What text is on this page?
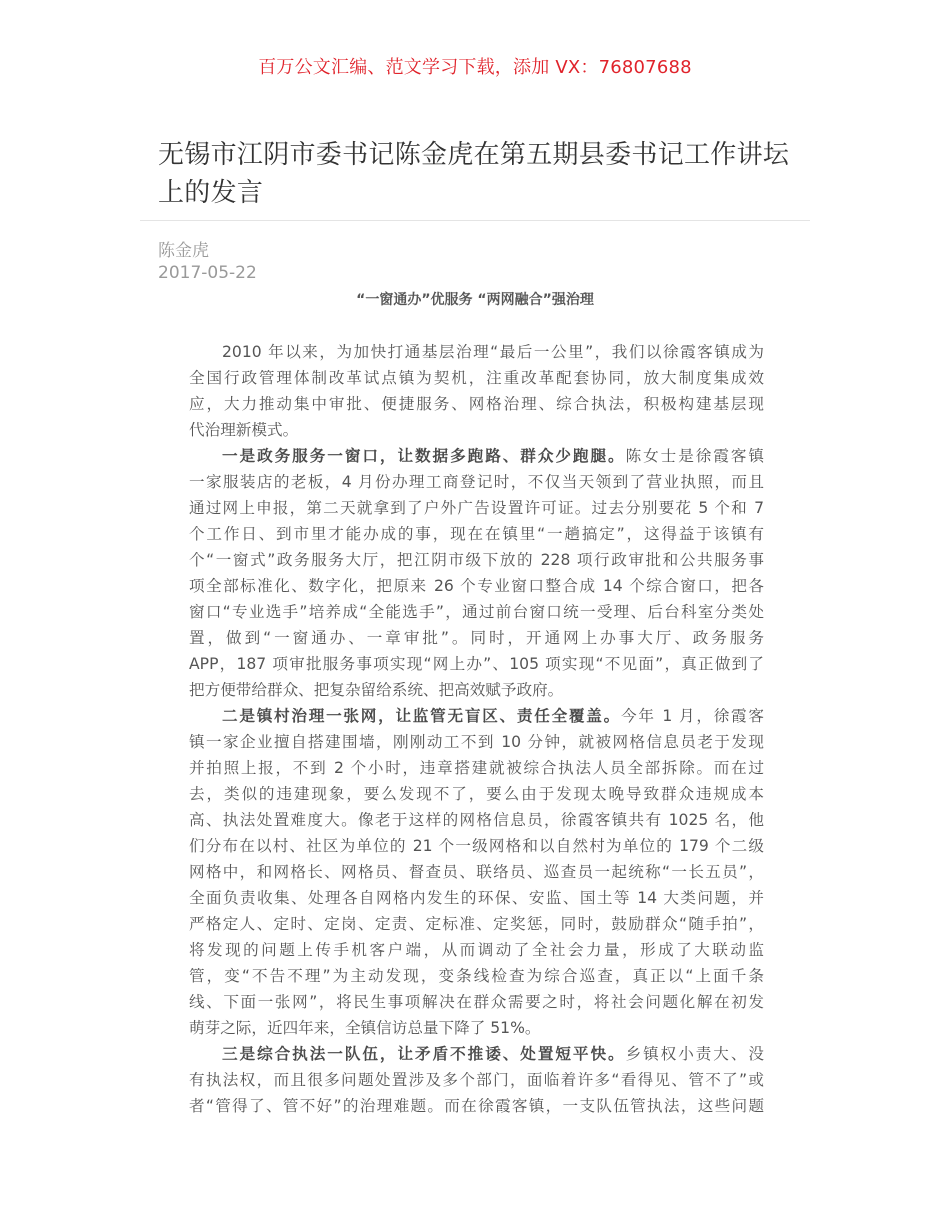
百万公文汇编、范文学习下载，添加 VX：76807688
无锡市江阴市委书记陈金虎在第五期县委书记工作讲坛
上的发言
陈金虎
2017-05-22
“一窗通办”优服务 “两网融合”强治理
2010 年以来，为加快打通基层治理“最后一公里”，我们以徐霞客镇成为
全国行政管理体制改革试点镇为契机，注重改革配套协同，放大制度集成效
应，大力推动集中审批、便捷服务、网格治理、综合执法，积极构建基层现
代治理新模式。
一是政务服务一窗口，让数据多跑路、群众少跑腿。陈女士是徐霞客镇
一家服装店的老板，4 月份办理工商登记时，不仅当天领到了营业执照，而且
通过网上申报，第二天就拿到了户外广告设置许可证。过去分别要花 5 个和 7
个工作日、到市里才能办成的事，现在在镇里“一趟搞定”，这得益于该镇有
个“一窗式”政务服务大厅，把江阴市级下放的 228 项行政审批和公共服务事
项全部标准化、数字化，把原来 26 个专业窗口整合成 14 个综合窗口，把各
窗口“专业选手”培养成“全能选手”，通过前台窗口统一受理、后台科室分类处
置，做到“一窗通办、一章审批”。同时，开通网上办事大厅、政务服务
APP，187 项审批服务事项实现“网上办”、105 项实现“不见面”，真正做到了
把方便带给群众、把复杂留给系统、把高效赋予政府。
二是镇村治理一张网，让监管无盲区、责任全覆盖。今年 1 月，徐霞客
镇一家企业擅自搭建围墙，刚刚动工不到 10 分钟，就被网格信息员老于发现
并拍照上报，不到 2 个小时，违章搭建就被综合执法人员全部拆除。而在过
去，类似的违建现象，要么发现不了，要么由于发现太晚导致群众违规成本
高、执法处置难度大。像老于这样的网格信息员，徐霞客镇共有 1025 名，他
们分布在以村、社区为单位的 21 个一级网格和以自然村为单位的 179 个二级
网格中，和网格长、网格员、督查员、联络员、巡查员一起统称“一长五员”，
全面负责收集、处理各自网格内发生的环保、安监、国土等 14 大类问题，并
严格定人、定时、定岗、定责、定标准、定奖惩，同时，鼓励群众“随手拍”，
将发现的问题上传手机客户端，从而调动了全社会力量，形成了大联动监
管，变“不告不理”为主动发现，变条线检查为综合巡查，真正以“上面千条
线、下面一张网”，将民生事项解决在群众需要之时，将社会问题化解在初发
萌芽之际，近四年来，全镇信访总量下降了 51%。
三是综合执法一队伍，让矛盾不推诿、处置短平快。乡镇权小责大、没
有执法权，而且很多问题处置涉及多个部门，面临着许多“看得见、管不了”或
者“管得了、管不好”的治理难题。而在徐霞客镇，一支队伍管执法，这些问题
